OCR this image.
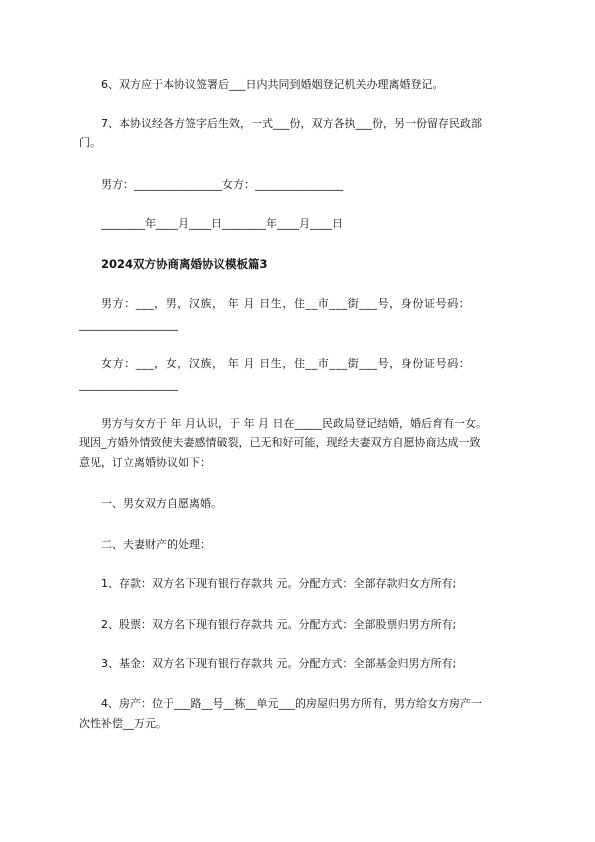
6、双方应于本协议签署后___日内共同到婚姻登记机关办理离婚登记。
7、本协议经各方签字后生效，一式___份，双方各执___份，另一份留存民政部
门。
男方：________________女方：________________
________年____月____日________年____月____日
2024双方协商离婚协议模板篇3
男方：___，男，汉族， 年 月 日生，住__市___街___号，身份证号码：
__________________
女方：___，女，汉族， 年 月 日生，住__市___街___号，身份证号码：
__________________
男方与女方于 年 月认识，于 年 月 日在_____民政局登记结婚，婚后育有一女。
现因_方婚外情致使夫妻感情破裂，已无和好可能，现经夫妻双方自愿协商达成一致
意见，订立离婚协议如下：
一、男女双方自愿离婚。
二、夫妻财产的处理：
1、存款：双方名下现有银行存款共 元。分配方式：全部存款归女方所有;
2、股票：双方名下现有银行存款共 元。分配方式：全部股票归男方所有;
3、基金：双方名下现有银行存款共 元。分配方式：全部基金归男方所有;
4、房产：位于___路__号__栋__单元___的房屋归男方所有，男方给女方房产一
次性补偿__万元。
